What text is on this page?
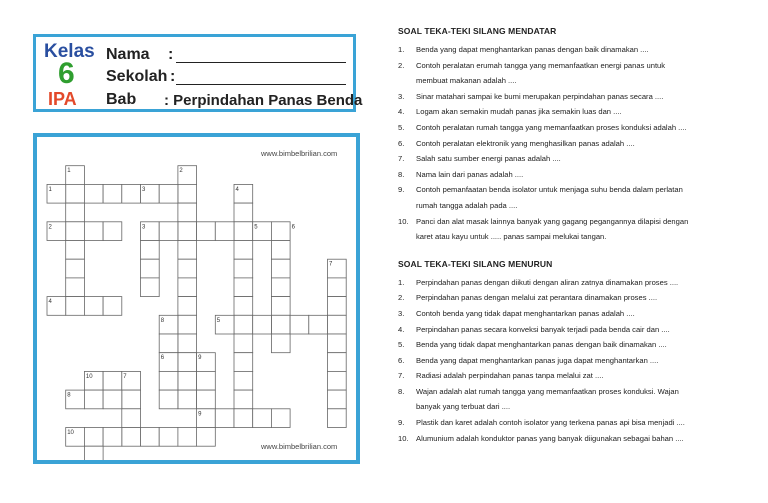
Kelas
6
IPA
Nama :
Sekolah :
Bab : Perpindahan Panas Benda
www.bimbelbrilian.com
www.bimbelbrilian.com
1	2
1	3	4
2	3	5	6
7
4
8	5
6	9
10	7
8
9
10
SOAL TEKA-TEKI SILANG MENDATAR
1. Benda yang dapat menghantarkan panas dengan baik dinamakan ....
2. Contoh peralatan erumah tangga yang memanfaatkan energi panas untuk
membuat makanan adalah ....
3. Sinar matahari sampai ke bumi merupakan perpindahan panas secara ....
4. Logam akan semakin mudah panas jika semakin luas dan ....
5. Contoh peralatan rumah tangga yang memanfaatkan proses konduksi adalah ....
6. Contoh peralatan elektronik yang menghasilkan panas adalah ....
7. Salah satu sumber energi panas adalah ....
8. Nama lain dari panas adalah ....
9. Contoh pemanfaatan benda isolator untuk menjaga suhu benda dalam perlatan
rumah tangga adalah pada ....
10. Panci dan alat masak lainnya banyak yang gagang pegangannya dilapisi dengan
karet atau kayu untuk ..... panas sampai melukai tangan.
SOAL TEKA-TEKI SILANG MENURUN
1. Perpindahan panas dengan diikuti dengan aliran zatnya dinamakan proses ....
2. Perpindahan panas dengan melalui zat perantara dinamakan proses ....
3. Contoh benda yang tidak dapat menghantarkan panas adalah ....
4. Perpindahan panas secara konveksi banyak terjadi pada benda cair dan ....
5. Benda yang tidak dapat menghantarkan panas dengan baik dinamakan ....
6. Benda yang dapat menghantarkan panas juga dapat menghantarkan ....
7. Radiasi adalah perpindahan panas tanpa melalui zat ....
8. Wajan adalah alat rumah tangga yang memanfaatkan proses konduksi. Wajan
banyak yang terbuat dari ....
9. Plastik dan karet adalah contoh isolator yang terkena panas api bisa menjadi ....
10. Alumunium adalah konduktor panas yang banyak diigunakan sebagai bahan ....
